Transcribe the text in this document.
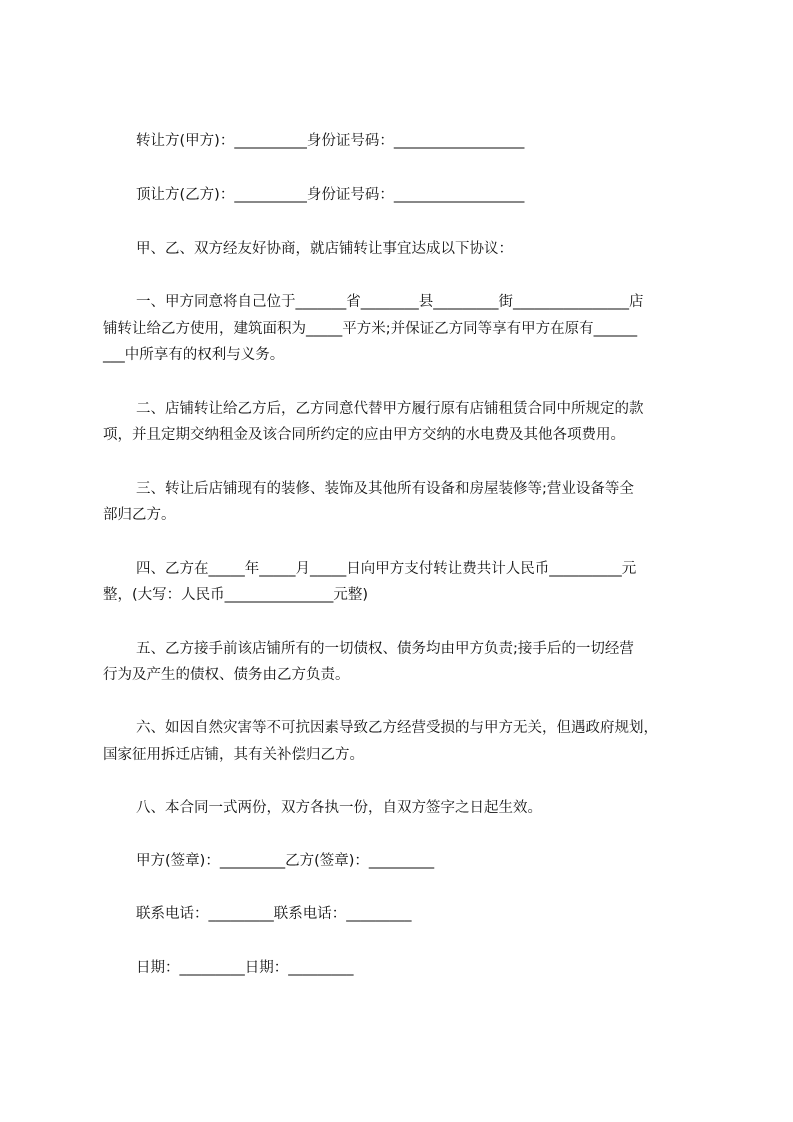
转让方(甲方)：__________身份证号码：__________________
顶让方(乙方)：__________身份证号码：__________________
甲、乙、双方经友好协商，就店铺转让事宜达成以下协议：
一、甲方同意将自己位于_______省________县_________街________________店
铺转让给乙方使用，建筑面积为_____平方米;并保证乙方同等享有甲方在原有______
___中所享有的权利与义务。
二、店铺转让给乙方后，乙方同意代替甲方履行原有店铺租赁合同中所规定的款
项，并且定期交纳租金及该合同所约定的应由甲方交纳的水电费及其他各项费用。
三、转让后店铺现有的装修、装饰及其他所有设备和房屋装修等;营业设备等全
部归乙方。
四、乙方在_____年_____月_____日向甲方支付转让费共计人民币__________元
整，(大写：人民币_______________元整)
五、乙方接手前该店铺所有的一切债权、债务均由甲方负责;接手后的一切经营
行为及产生的债权、债务由乙方负责。
六、如因自然灾害等不可抗因素导致乙方经营受损的与甲方无关，但遇政府规划，
国家征用拆迁店铺，其有关补偿归乙方。
八、本合同一式两份，双方各执一份，自双方签字之日起生效。
甲方(签章)：_________乙方(签章)：_________
联系电话：_________联系电话：_________
日期：_________日期：_________
